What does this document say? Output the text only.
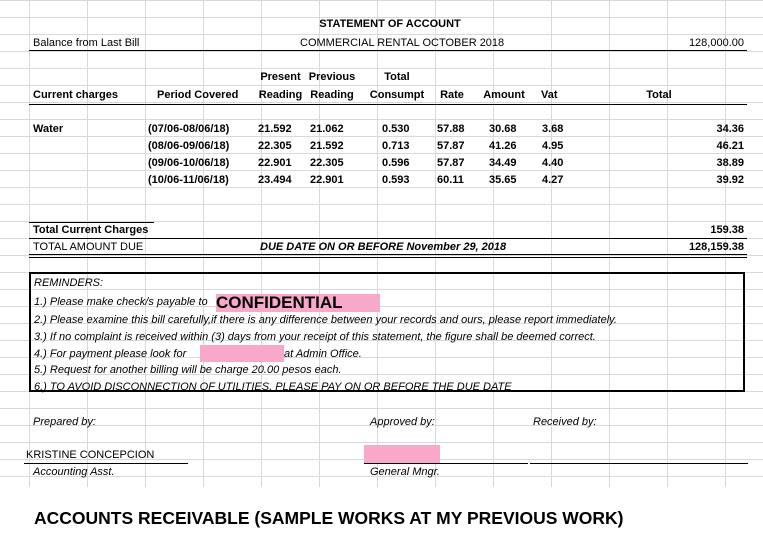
STATEMENT OF ACCOUNT
Balance from Last Bill	COMMERCIAL RENTAL OCTOBER 2018	128,000.00
Present Previous	Total
Current charges	Period Covered	Reading Reading	Consumpt	Rate	Amount	Vat	Total
Water	(07/06-08/06/18)	21.592 21.062	0.530 57.88 30.68 3.68	34.36
(08/06-09/06/18)	22.305 21.592	0.713 57.87 41.26 4.95	46.21
(09/06-10/06/18)	22.901 22.305	0.596 57.87 34.49 4.40	38.89
(10/06-11/06/18)	23.494 22.901	0.593 60.11 35.65 4.27	39.92
Total Current Charges	159.38
TOTAL AMOUNT DUE	DUE DATE ON OR BEFORE November 29, 2018	128,159.38
REMINDERS:
1.) Please make check/s payable to CONFIDENTIAL
2.) Please examine this bill carefully,if there is any difference between your records and ours, please report immediately.
3.) If no complaint is received within (3) days from your receipt of this statement, the figure shall be deemed correct.
4.) For payment please look for	at Admin Office.
5.) Request for another billing will be charge 20.00 pesos each.
6.) TO AVOID DISCONNECTION OF UTILITIES, PLEASE PAY ON OR BEFORE THE DUE DATE
Prepared by:	Approved by:	Received by:
KRISTINE CONCEPCION
Accounting Asst.	General Mngr.
ACCOUNTS RECEIVABLE (SAMPLE WORKS AT MY PREVIOUS WORK)
